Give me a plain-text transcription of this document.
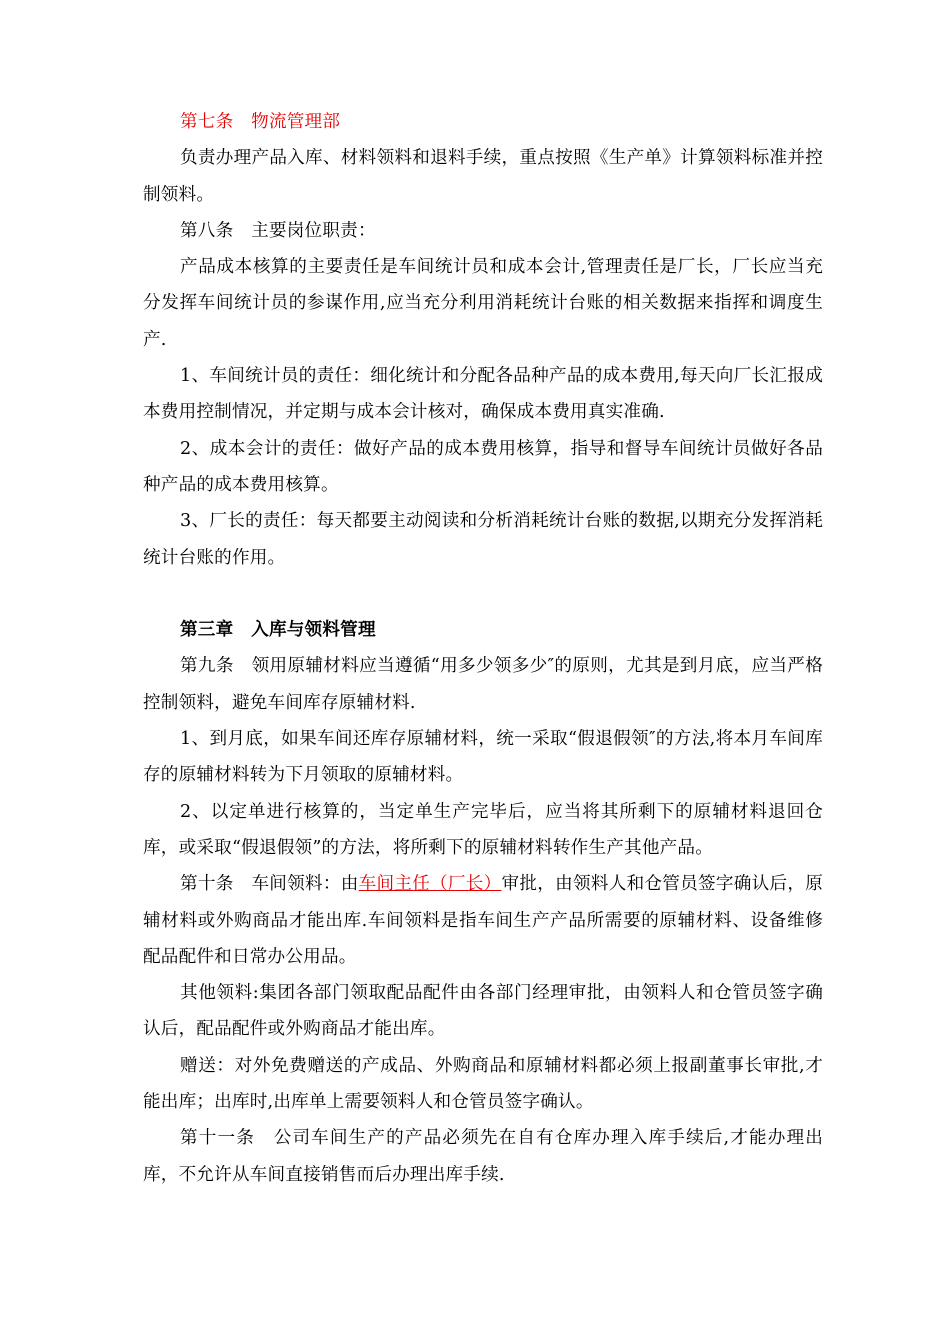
第七条　物流管理部

负责办理产品入库、材料领料和退料手续，重点按照《生产单》计算领料标准并控制领料。

第八条　主要岗位职责：

产品成本核算的主要责任是车间统计员和成本会计,管理责任是厂长，厂长应当充分发挥车间统计员的参谋作用,应当充分利用消耗统计台账的相关数据来指挥和调度生产.

1、车间统计员的责任：细化统计和分配各品种产品的成本费用,每天向厂长汇报成本费用控制情况，并定期与成本会计核对，确保成本费用真实准确.

2、成本会计的责任：做好产品的成本费用核算，指导和督导车间统计员做好各品种产品的成本费用核算。

3、厂长的责任：每天都要主动阅读和分析消耗统计台账的数据,以期充分发挥消耗统计台账的作用。

第三章　入库与领料管理

第九条　领用原辅材料应当遵循“用多少领多少″的原则，尤其是到月底，应当严格控制领料，避免车间库存原辅材料.

1、到月底，如果车间还库存原辅材料，统一采取“假退假领″的方法,将本月车间库存的原辅材料转为下月领取的原辅材料。

2、以定单进行核算的，当定单生产完毕后，应当将其所剩下的原辅材料退回仓库，或采取“假退假领”的方法，将所剩下的原辅材料转作生产其他产品。

第十条　车间领料：由车间主任（厂长）审批，由领料人和仓管员签字确认后，原辅材料或外购商品才能出库.车间领料是指车间生产产品所需要的原辅材料、设备维修配品配件和日常办公用品。

其他领料:集团各部门领取配品配件由各部门经理审批，由领料人和仓管员签字确认后，配品配件或外购商品才能出库。

赠送：对外免费赠送的产成品、外购商品和原辅材料都必须上报副董事长审批,才能出库；出库时,出库单上需要领料人和仓管员签字确认。

第十一条　公司车间生产的产品必须先在自有仓库办理入库手续后,才能办理出库，不允许从车间直接销售而后办理出库手续.
